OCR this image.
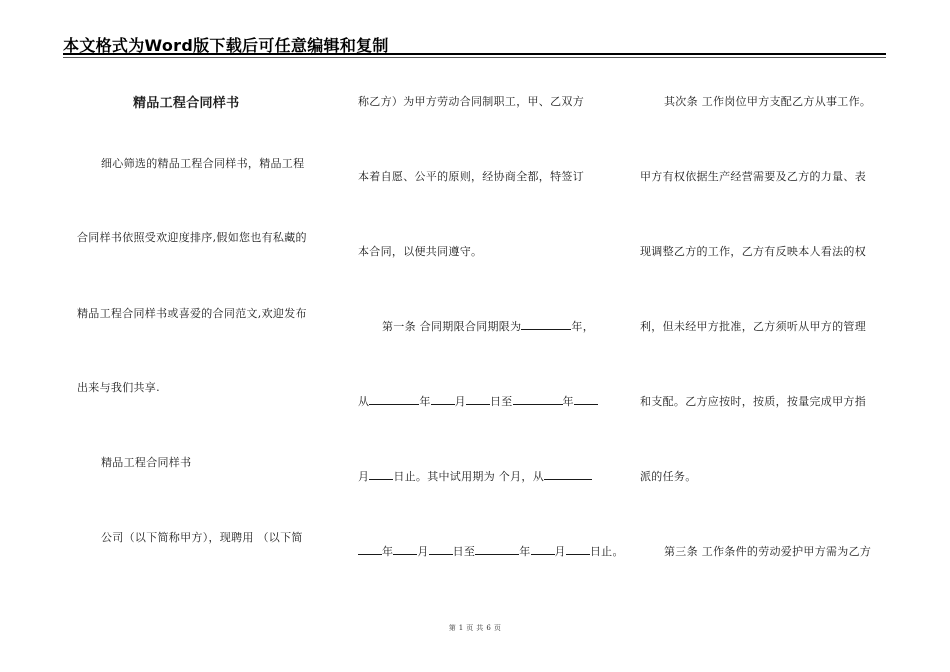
本文格式为Word版下载后可任意编辑和复制
精品工程合同样书
细心筛选的精品工程合同样书，精品工程
合同样书依照受欢迎度排序,假如您也有私藏的
精品工程合同样书或喜爱的合同范文,欢迎发布
出来与我们共享.
精品工程合同样书
公司（以下简称甲方），现聘用 （以下简
称乙方）为甲方劳动合同制职工，甲、乙双方
本着自愿、公平的原则，经协商全都，特签订
本合同，以便共同遵守。
第一条 合同期限合同期限为	年，
从	年 月 日至	年
月 日止。其中试用期为 个月，从
年 月 日至	年 月 日止。
其次条 工作岗位甲方支配乙方从事工作。
甲方有权依据生产经营需要及乙方的力量、表
现调整乙方的工作，乙方有反映本人看法的权
利，但未经甲方批准，乙方须听从甲方的管理
和支配。乙方应按时，按质，按量完成甲方指
派的任务。
第三条 工作条件的劳动爱护甲方需为乙方
第 1 页 共 6 页
